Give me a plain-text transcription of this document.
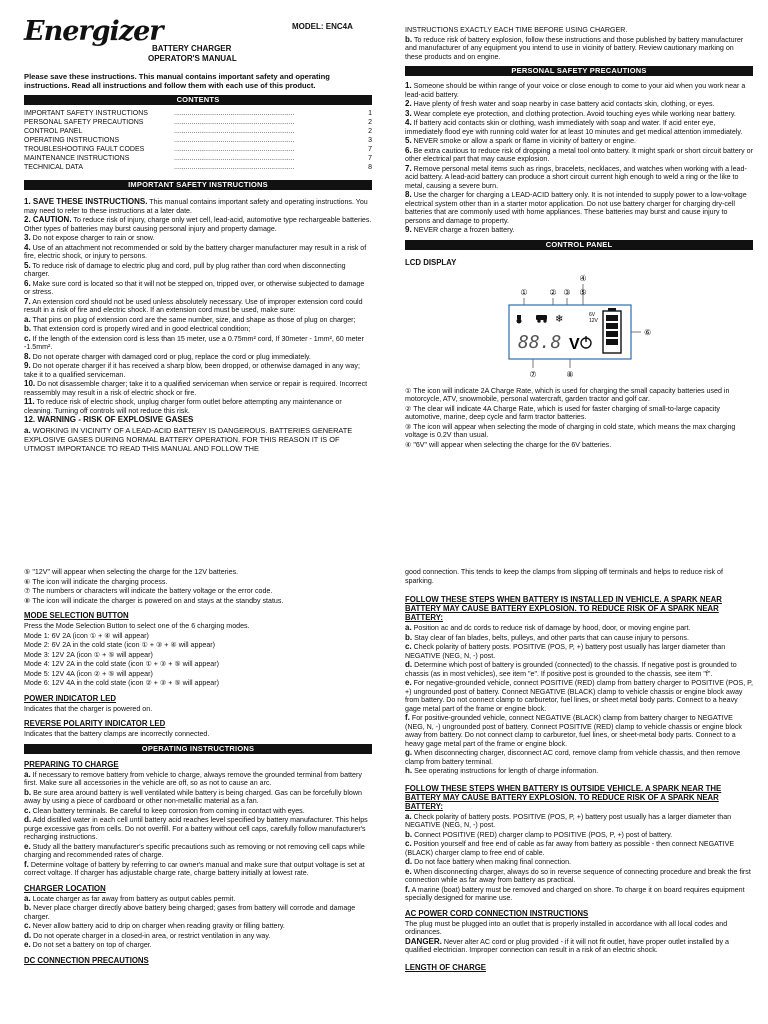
Energizer	MODEL: ENC4A
BATTERY CHARGER
OPERATOR'S MANUAL

Please save these instructions. This manual contains important safety and operating instructions. Read all instructions and follow them with each use of this product.

CONTENTS
IMPORTANT SAFETY INSTRUCTIONS	..............................................................	1
PERSONAL SAFETY PRECAUTIONS	..............................................................	2
CONTROL PANEL	..............................................................	2
OPERATING INSTRUCTIONS	..............................................................	3
TROUBLESHOOTING FAULT CODES	..............................................................	7
MAINTENANCE INSTRUCTIONS	..............................................................	7
TECHNICAL DATA	..............................................................	8
IMPORTANT SAFETY INSTRUCTIONS

1. SAVE THESE INSTRUCTIONS. This manual contains important safety and operating instructions. You may need to refer to these instructions at a later date.

2. CAUTION. To reduce risk of injury, charge only wet cell, lead-acid, automotive type rechargeable batteries. Other types of batteries may burst causing personal injury and property damage.

3. Do not expose charger to rain or snow.

4. Use of an attachment not recommended or sold by the battery charger manufacturer may result in a risk of fire, electric shock, or injury to persons.

5. To reduce risk of damage to electric plug and cord, pull by plug rather than cord when disconnecting charger.

6. Make sure cord is located so that it will not be stepped on, tripped over, or otherwise subjected to damage or stress.

7. An extension cord should not be used unless absolutely necessary. Use of improper extension cord could result in a risk of fire and electric shock. If an extension cord must be used, make sure:

a. That pins on plug of extension cord are the same number, size, and shape as those of plug on charger;

b. That extension cord is properly wired and in good electrical condition;

c. If the length of the extension cord is less than 15 meter, use a 0.75mm² cord, If 30meter - 1mm², 60 meter -1.5mm².

8. Do not operate charger with damaged cord or plug, replace the cord or plug immediately.

9. Do not operate charger if it has received a sharp blow, been dropped, or otherwise damaged in any way; take it to a qualified serviceman.

10. Do not disassemble charger; take it to a qualified serviceman when service or repair is required. Incorrect reassembly may result in a risk of electric shock or fire.

11. To reduce risk of electric shock, unplug charger form outlet before attempting any maintenance or cleaning. Turning off controls will not reduce this risk.

12. WARNING - RISK OF EXPLOSIVE GASES

a. WORKING IN VICINITY OF A LEAD-ACID BATTERY IS DANGEROUS. BATTERIES GENERATE EXPLOSIVE GASES DURING NORMAL BATTERY OPERATION. FOR THIS REASON IT IS OF UTMOST IMPORTANCE TO READ THIS MANUAL AND FOLLOW THE

INSTRUCTIONS EXACTLY EACH TIME BEFORE USING CHARGER.

b. To reduce risk of battery explosion, follow these instructions and those published by battery manufacturer and manufacturer of any equipment you intend to use in vicinity of battery. Review cautionary marking on these products and on engine.

PERSONAL SAFETY PRECAUTIONS

1. Someone should be within range of your voice or close enough to come to your aid when you work near a lead-acid battery.

2. Have plenty of fresh water and soap nearby in case battery acid contacts skin, clothing, or eyes.

3. Wear complete eye protection, and clothing protection. Avoid touching eyes while working near battery.

4. If battery acid contacts skin or clothing, wash immediately with soap and water. If acid enter eye, immediately flood eye with running cold water for at least 10 minutes and get medical attention immediately.

5. NEVER smoke or allow a spark or flame in vicinity of battery or engine.

6. Be extra cautious to reduce risk of dropping a metal tool onto battery. It might spark or short circuit battery or other electrical part that may cause explosion.

7. Remove personal metal items such as rings, bracelets, necklaces, and watches when working with a lead-acid battery. A lead-acid battery can produce a short circuit current high enough to weld a ring or the like to metal, causing a severe burn.

8. Use the charger for charging a LEAD-ACID battery only. It is not intended to supply power to a low-voltage electrical system other than in a starter motor application. Do not use battery charger for charging dry-cell batteries that are commonly used with home appliances. These batteries may burst and cause injury to persons and damage to property.

9. NEVER charge a frozen battery.

CONTROL PANEL
LCD DISPLAY
④
①	② ③ ⑤
⑥
⑦	⑧
❄
88.8 V
6V
12V

① The icon will indicate 2A Charge Rate, which is used for charging the small capacity batteries used in motorcycle, ATV, snowmobile, personal watercraft, garden tractor and golf car.

② The clear will indicate 4A Charge Rate, which is used for faster charging of small-to-large capacity automotive, marine, deep cycle and farm tractor batteries.

③ The icon will appear when selecting the mode of charging in cold state, which means the max charging voltage is 0.2V than usual.

④ "6V" will appear when selecting the charge for the 6V batteries.

⑤ "12V" will appear when selecting the charge for the 12V batteries.

⑥ The icon will indicate the charging process.

⑦ The numbers or characters will indicate the battery voltage or the error code.

⑧ The icon will indicate the charger is powered on and stays at the standby status.

MODE SELECTION BUTTON

Press the Mode Selection Button to select one of the 6 charging modes.

Mode 1: 6V 2A (icon ① + ④ will appear)

Mode 2: 6V 2A in the cold state (icon ① + ③ + ④ will appear)

Mode 3: 12V 2A (icon ① + ⑤ will appear)

Mode 4: 12V 2A in the cold state (icon ① + ③ + ⑤ will appear)

Mode 5: 12V 4A (icon ② + ⑤ will appear)

Mode 6: 12V 4A in the cold state (icon ② + ③ + ⑤ will appear)

POWER INDICATOR LED

Indicates that the charger is powered on.

REVERSE POLARITY INDICATOR LED

Indicates that the battery clamps are incorrectly connected.

OPERATING INSTRUCTRIONS
PREPARING TO CHARGE

a. If necessary to remove battery from vehicle to charge, always remove the grounded terminal from battery first. Make sure all accessories in the vehicle are off, so as not to cause an arc.

b. Be sure area around battery is well ventilated while battery is being charged. Gas can be forcefully blown away by using a piece of cardboard or other non-metallic material as a fan.

c. Clean battery terminals. Be careful to keep corrosion from coming in contact with eyes.

d. Add distilled water in each cell until battery acid reaches level specified by battery manufacturer. This helps purge excessive gas from cells. Do not overfill. For a battery without cell caps, carefully follow manufacturer's recharging instructions.

e. Study all the battery manufacturer's specific precautions such as removing or not removing cell caps while charging and recommended rates of charge.

f. Determine voltage of battery by referring to car owner's manual and make sure that output voltage is set at correct voltage. If charger has adjustable charge rate, charge battery initially at lowest rate.

CHARGER LOCATION

a. Locate charger as far away from battery as output cables permit.

b. Never place charger directly above battery being charged; gases from battery will corrode and damage charger.

c. Never allow battery acid to drip on charger when reading gravity or filling battery.

d. Do not operate charger in a closed-in area, or restrict ventilation in any way.

e. Do not set a battery on top of charger.

DC CONNECTION PRECAUTIONS

good connection. This tends to keep the clamps from slipping off terminals and helps to reduce risk of sparking.

FOLLOW THESE STEPS WHEN BATTERY IS INSTALLED IN VEHICLE. A SPARK NEAR BATTERY MAY CAUSE BATTERY EXPLOSION. TO REDUCE RISK OF A SPARK NEAR BATTERY:

a. Position ac and dc cords to reduce risk of damage by hood, door, or moving engine part.

b. Stay clear of fan blades, belts, pulleys, and other parts that can cause injury to persons.

c. Check polarity of battery posts. POSITIVE (POS, P, +) battery post usually has larger diameter than NEGATIVE (NEG, N, -) post.

d. Determine which post of battery is grounded (connected) to the chassis. If negative post is grounded to chassis (as in most vehicles), see item "e". If positive post is grounded to the chassis, see item "f".

e. For negative-grounded vehicle, connect POSITIVE (RED) clamp from battery charger to POSITIVE (POS, P, +) ungrounded post of battery. Connect NEGATIVE (BLACK) clamp to vehicle chassis or engine block away from battery. Do not connect clamp to carburetor, fuel lines, or sheet metal body parts. Connect to a heavy gage metal part of the frame or engine block.

f. For positive-grounded vehicle, connect NEGATIVE (BLACK) clamp from battery charger to NEGATIVE (NEG, N, -) ungrounded post of battery. Connect POSITIVE (RED) clamp to vehicle chassis or engine block away from battery. Do not connect clamp to carburetor, fuel lines, or sheet-metal body parts. Connect to a heavy gage metal part of the frame or engine block.

g. When disconnecting charger, disconnect AC cord, remove clamp from vehicle chassis, and then remove clamp from battery terminal.

h. See operating instructions for length of charge information.

FOLLOW THESE STEPS WHEN BATTERY IS OUTSIDE VEHICLE. A SPARK NEAR THE BATTERY MAY CAUSE BATTERY EXPLOSION. TO REDUCE RISK OF A SPARK NEAR BATTERY:

a. Check polarity of battery posts. POSITIVE (POS, P, +) battery post usually has a larger diameter than NEGATIVE (NEG, N, -) post.

b. Connect POSITIVE (RED) charger clamp to POSITIVE (POS, P, +) post of battery.

c. Position yourself and free end of cable as far away from battery as possible - then connect NEGATIVE (BLACK) charger clamp to free end of cable.

d. Do not face battery when making final connection.

e. When disconnecting charger, always do so in reverse sequence of connecting procedure and break the first connection while as far away from battery as practical.

f. A marine (boat) battery must be removed and charged on shore. To charge it on board requires equipment specially designed for marine use.

AC POWER CORD CONNECTION INSTRUCTIONS

The plug must be plugged into an outlet that is properly installed in accordance with all local codes and ordinances.

DANGER. Never alter AC cord or plug provided - if it will not fit outlet, have proper outlet installed by a qualified electrician. Improper connection can result in a risk of an electric shock.

LENGTH OF CHARGE
